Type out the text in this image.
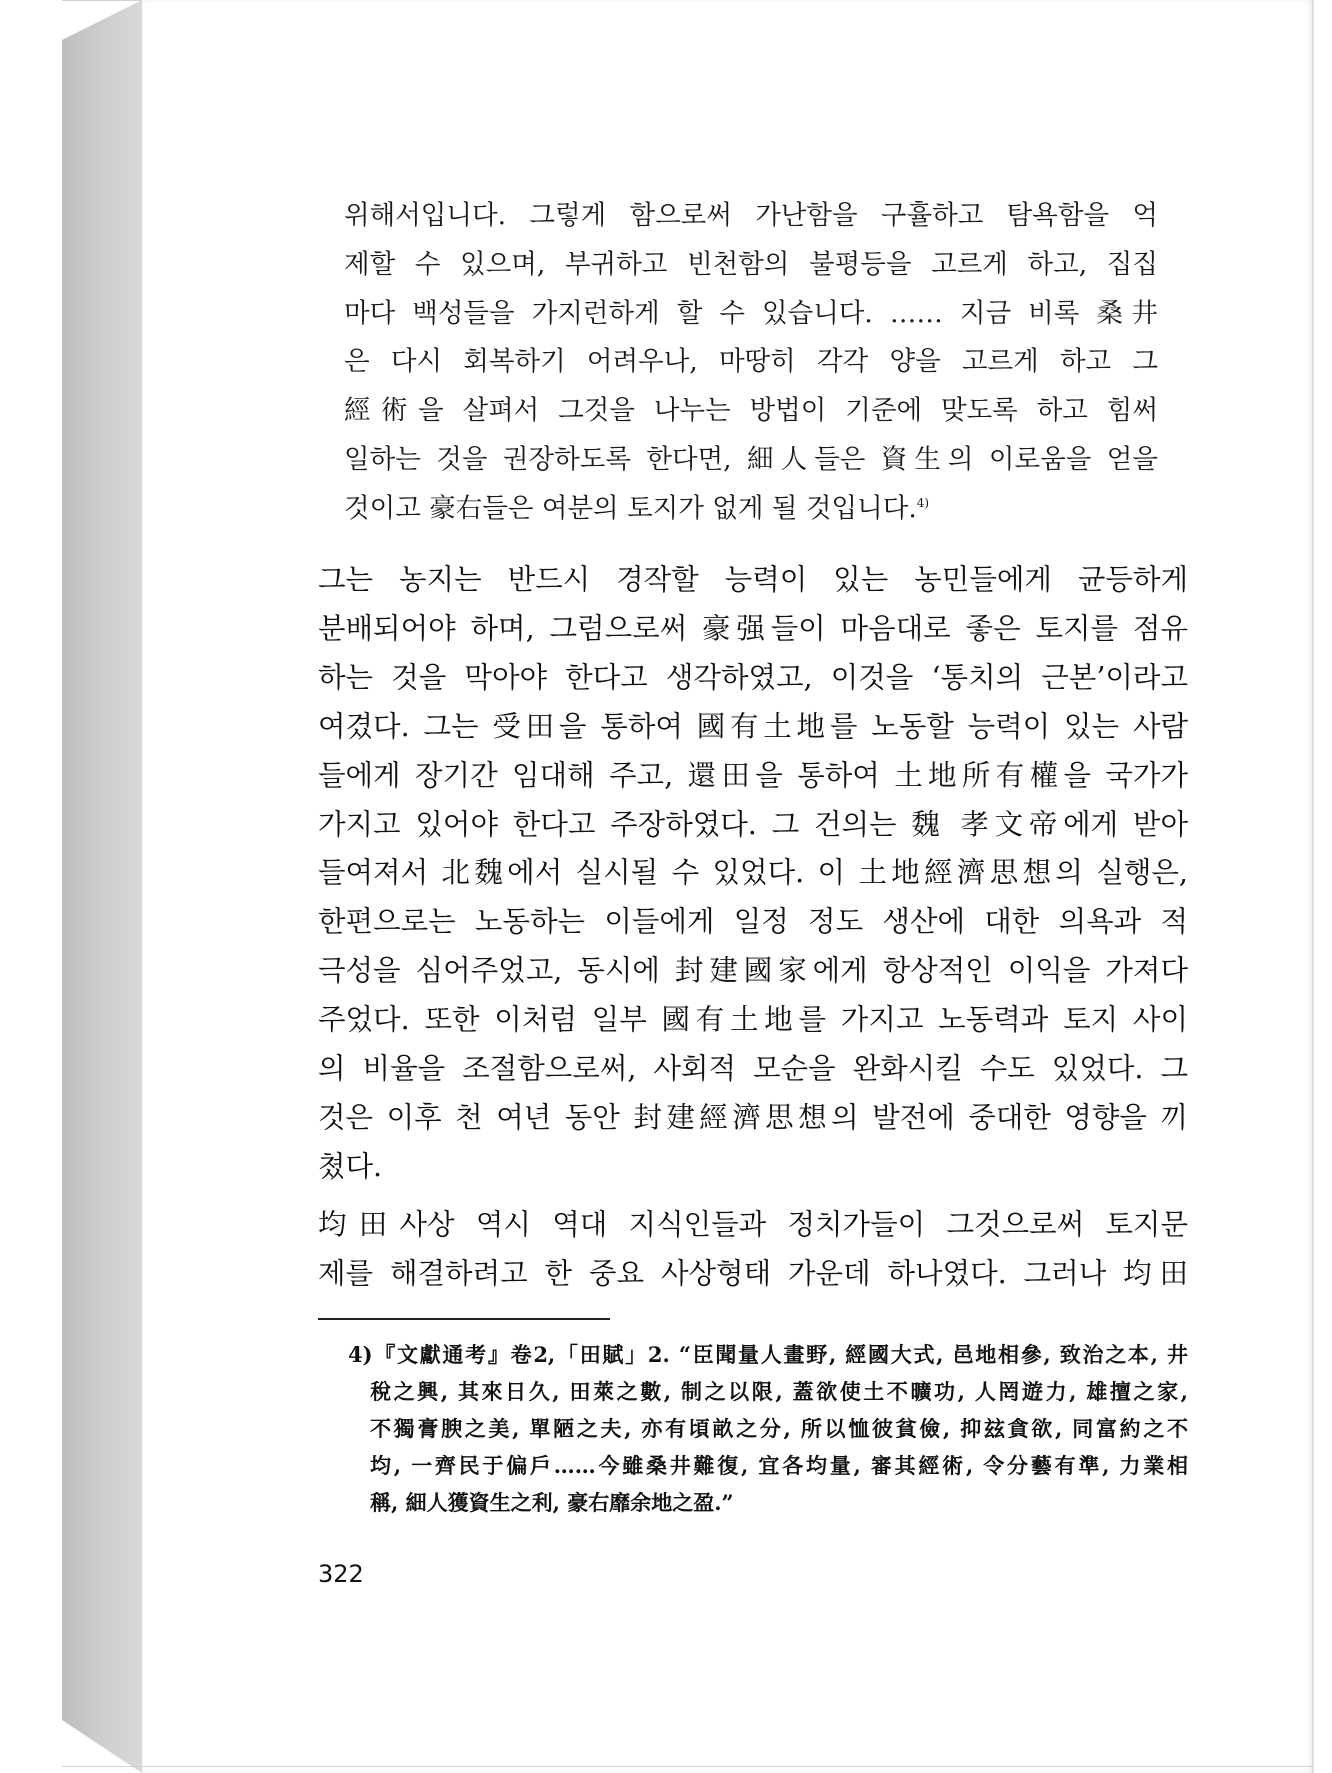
위해서입니다. 그렇게 함으로써 가난함을 구휼하고 탐욕함을 억
제할 수 있으며, 부귀하고 빈천함의 불평등을 고르게 하고, 집집
마다 백성들을 가지런하게 할 수 있습니다. …… 지금 비록 桑井
은 다시 회복하기 어려우나, 마땅히 각각 양을 고르게 하고 그
經術을 살펴서 그것을 나누는 방법이 기준에 맞도록 하고 힘써
일하는 것을 권장하도록 한다면, 細人들은 資生의 이로움을 얻을
것이고 豪右들은 여분의 토지가 없게 될 것입니다.$^{4)}$
그는 농지는 반드시 경작할 능력이 있는 농민들에게 균등하게
분배되어야 하며, 그럼으로써 豪强들이 마음대로 좋은 토지를 점유
하는 것을 막아야 한다고 생각하였고, 이것을 ‘통치의 근본’이라고
여겼다. 그는 受田을 통하여 國有土地를 노동할 능력이 있는 사람
들에게 장기간 임대해 주고, 還田을 통하여 土地所有權을 국가가
가지고 있어야 한다고 주장하였다. 그 건의는 魏 孝文帝에게 받아
들여져서 北魏에서 실시될 수 있었다. 이 土地經濟思想의 실행은,
한편으로는 노동하는 이들에게 일정 정도 생산에 대한 의욕과 적
극성을 심어주었고, 동시에 封建國家에게 항상적인 이익을 가져다
주었다. 또한 이처럼 일부 國有土地를 가지고 노동력과 토지 사이
의 비율을 조절함으로써, 사회적 모순을 완화시킬 수도 있었다. 그
것은 이후 천 여년 동안 封建經濟思想의 발전에 중대한 영향을 끼
쳤다.
均田사상 역시 역대 지식인들과 정치가들이 그것으로써 토지문
제를 해결하려고 한 중요 사상형태 가운데 하나였다. 그러나 均田
4)『文獻通考』卷2,「田賦」2. “臣聞量人畫野, 經國大式, 邑地相參, 致治之本, 井
稅之興, 其來日久, 田萊之數, 制之以限, 蓋欲使土不曠功, 人罔遊力, 雄擅之家,
不獨膏腴之美, 單陋之夫, 亦有頃畝之分, 所以恤彼貧儉, 抑玆貪欲, 同富約之不
均, 一齊民于偏戶……今雖桑井難復, 宜各均量, 審其經術, 令分藝有準, 力業相
稱, 細人獲資生之利, 豪右靡余地之盈.”
322
